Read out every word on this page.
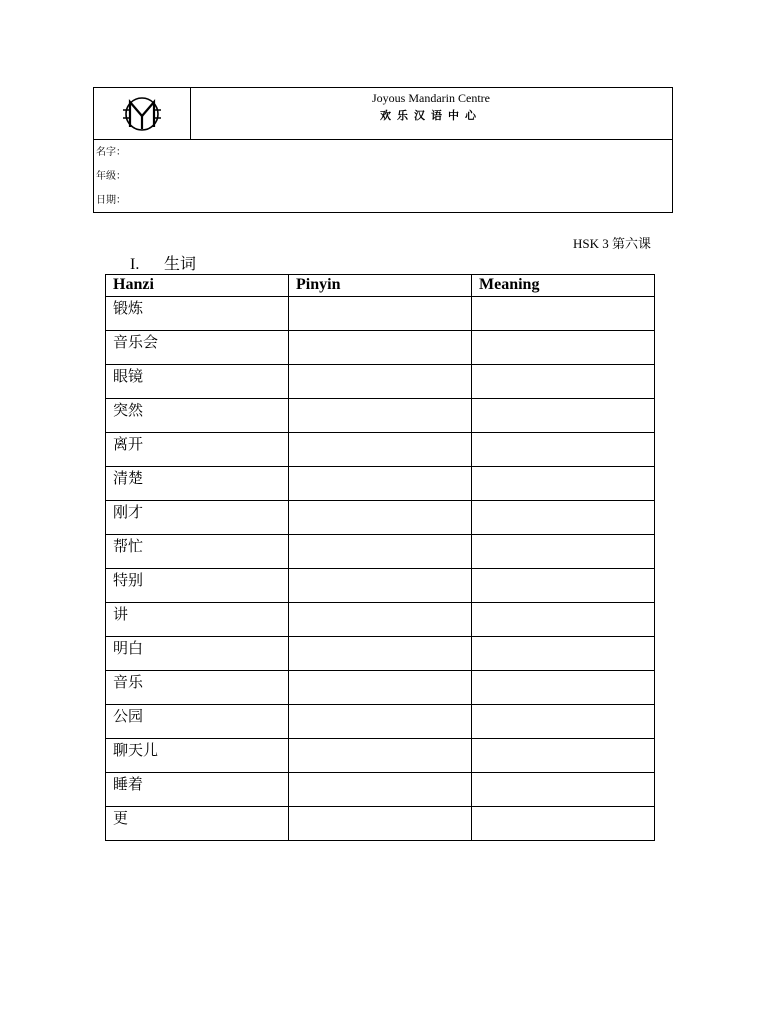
Joyous Mandarin Centre
欢乐汉语中心
名字：
年级：
日期：
HSK 3 第六课
I. 生词
Hanzi	Pinyin	Meaning
锻炼		
音乐会		
眼镜		
突然		
离开		
清楚		
刚才		
帮忙		
特别		
讲		
明白		
音乐		
公园		
聊天儿		
睡着		
更		
